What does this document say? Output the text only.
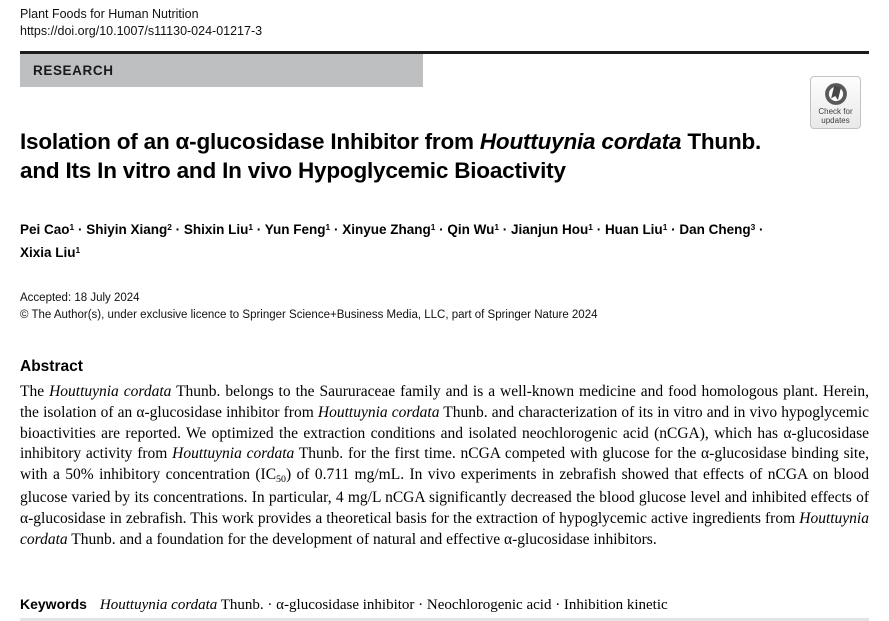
Plant Foods for Human Nutrition
https://doi.org/10.1007/s11130-024-01217-3
RESEARCH
Check for
updates
Isolation of an α-glucosidase Inhibitor from Houttuynia cordata Thunb.
and Its In vitro and In vivo Hypoglycemic Bioactivity
Pei Cao$^1$ · Shiyin Xiang$^2$ · Shixin Liu$^1$ · Yun Feng$^1$ · Xinyue Zhang$^1$ · Qin $Wu^1$ · Jianjun Hou$^1$ · Huan Liu$^1$ · Dan Cheng$^3$ ·
Xixia Liu$^1$
Accepted: 18 July 2024
© The Author(s), under exclusive licence to Springer Science+Business Media, LLC, part of Springer Nature 2024
Abstract

The Houttuynia cordata Thunb. belongs to the Saururaceae family and is a well-known medicine and food homologous plant. Herein, the isolation of an α-glucosidase inhibitor from Houttuynia cordata Thunb. and characterization of its in vitro and in vivo hypoglycemic bioactivities are reported. We optimized the extraction conditions and isolated neochlorogenic acid (nCGA), which has α-glucosidase inhibitory activity from Houttuynia cordata Thunb. for the first time. nCGA competed with glucose for the α-glucosidase binding site, with a 50% inhibitory concentration $(IC_{50})$ of 0.711 mg/mL. In vivo experiments in zebrafish showed that effects of nCGA on blood glucose varied by its concentrations. In particular, 4 mg/L nCGA significantly decreased the blood glucose level and inhibited effects of α-glucosidase in zebrafish. This work provides a theoretical basis for the extraction of hypoglycemic active ingredients from Houttuynia cordata Thunb. and a foundation for the development of natural and effective α-glucosidase inhibitors.

Keywords Houttuynia cordata Thunb. · α-glucosidase inhibitor · Neochlorogenic acid · Inhibition kinetic
